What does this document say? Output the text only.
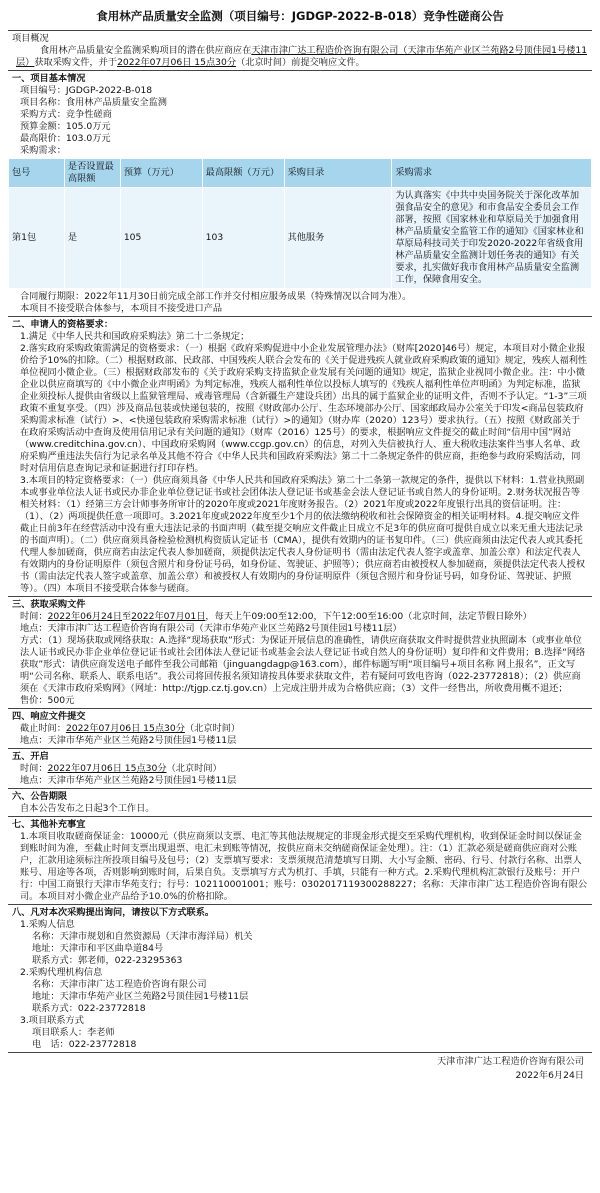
食用林产品质量安全监测（项目编号：JGDGP-2022-B-018）竞争性磋商公告
项目概况
食用林产品质量安全监测采购项目的潜在供应商应在天津市津广达工程造价咨询有限公司（天津市华苑产业区兰苑路2号顶佳园1号楼11层）获取采购文件，并于2022年07月06日 15点30分（北京时间）前提交响应文件。
一、项目基本情况
项目编号：JGDGP-2022-B-018
项目名称：食用林产品质量安全监测
采购方式：竞争性磋商
预算金额：105.0万元
最高限价：103.0万元
采购需求：
包号	是否设置最高限额	预算（万元）	最高限额（万元）	采购目录	采购需求
第1包	是	105	103	其他服务	为认真落实《中共中央国务院关于深化改革加强食品安全的意见》和市食品安全委员会工作部署，按照《国家林业和草原局关于加强食用林产品质量安全监管工作的通知》《国家林业和草原局科技司关于印发2020-2022年省级食用林产品质量安全监测计划任务表的通知》有关要求，扎实做好我市食用林产品质量安全监测工作，保障食用安全。
合同履行期限：2022年11月30日前完成全部工作并交付相应服务成果（特殊情况以合同为准）。
本项目不接受联合体参与，本项目不接受进口产品
二、申请人的资格要求：
1.满足《中华人民共和国政府采购法》第二十二条规定；
2.落实政府采购政策需满足的资格要求：（一）根据《政府采购促进中小企业发展管理办法》（财库[2020]46号）规定，本项目对小微企业报价给予10%的扣除。（二）根据财政部、民政部、中国残疾人联合会发布的《关于促进残疾人就业政府采购政策的通知》规定，残疾人福利性单位视同小微企业。（三）根据财政部发布的《关于政府采购支持监狱企业发展有关问题的通知》规定，监狱企业视同小微企业。注：中小微企业以供应商填写的《中小微企业声明函》为判定标准，残疾人福利性单位以投标人填写的《残疾人福利性单位声明函》为判定标准，监狱企业须投标人提供由省级以上监狱管理局、戒毒管理局（含新疆生产建设兵团）出具的属于监狱企业的证明文件，否则不予认定。“1-3”三项政策不重复享受。（四）涉及商品包装或快递包装的，按照《财政部办公厅、生态环境部办公厅、国家邮政局办公室关于印发<商品包装政府采购需求标准（试行）>、<快递包装政府采购需求标准（试行）>的通知》（财办库（2020）123号）要求执行。（五）按照《财政部关于在政府采购活动中查询及使用信用记录有关问题的通知》（财库（2016）125号）的要求，根据响应文件提交的截止时间“信用中国”网站（www.creditchina.gov.cn）、中国政府采购网（www.ccgp.gov.cn）的信息，对列入失信被执行人、重大税收违法案件当事人名单、政府采购严重违法失信行为记录名单及其他不符合《中华人民共和国政府采购法》第二十二条规定条件的供应商，拒绝参与政府采购活动，同时对信用信息查询记录和证据进行打印存档。
3.本项目的特定资格要求：（一）供应商须具备《中华人民共和国政府采购法》第二十二条第一款规定的条件，提供以下材料：1.营业执照副本或事业单位法人证书或民办非企业单位登记证书或社会团体法人登记证书或基金会法人登记证书或自然人的身份证明。2.财务状况报告等相关材料：（1）经第三方会计师事务所审计的2020年度或2021年度财务报告。（2）2021年度或2022年度银行出具的资信证明。注：（1）、（2）两项提供任意一项即可。3.2021年度或2022年度至少1个月的依法缴纳税收和社会保障资金的相关证明材料。4.提交响应文件截止日前3年在经营活动中没有重大违法记录的书面声明（截至提交响应文件截止日成立不足3年的供应商可提供自成立以来无重大违法记录的书面声明）。（二）供应商须具备检验检测机构资质认定证书（CMA），提供有效期内的证书复印件。（三）供应商须由法定代表人或其委托代理人参加磋商，供应商若由法定代表人参加磋商，须提供法定代表人身份证明书（需由法定代表人签字或盖章、加盖公章）和法定代表人有效期内的身份证明原件（须包含照片和身份证号码，如身份证、驾驶证、护照等）；供应商若由被授权人参加磋商，须提供法定代表人授权书（需由法定代表人签字或盖章、加盖公章）和被授权人有效期内的身份证明原件（须包含照片和身份证号码，如身份证、驾驶证、护照等）。（四）本项目不接受联合体参与磋商。
三、获取采购文件
时间：2022年06月24日至2022年07月01日，每天上午09:00至12:00，下午12:00至16:00（北京时间，法定节假日除外）
地点：天津市津广达工程造价咨询有限公司（天津市华苑产业区兰苑路2号顶佳园1号楼11层）
方式：（1）现场获取或网络获取：A.选择“现场获取”形式：为保证开展信息的准确性，请供应商获取文件时提供营业执照副本（或事业单位法人证书或民办非企业单位登记证书或社会团体法人登记证书或基金会法人登记证书或自然人的身份证明）复印件和文件费用；B.选择“网络获取”形式：请供应商发送电子邮件至我公司邮箱（jinguangdagp@163.com），邮件标题写明“项目编号+项目名称 网上报名”，正文写明“公司名称、联系人、联系电话”。我公司将回传报名须知请按具体要求获取文件，若有疑问可致电咨询（022-23772818）；（2）供应商须在《天津市政府采购网》（网址：http://tjgp.cz.tj.gov.cn）上完成注册并成为合格供应商；（3）文件一经售出，所收费用概不退还；
售价：500元
四、响应文件提交
截止时间：2022年07月06日 15点30分（北京时间）
地点：天津市华苑产业区兰苑路2号顶佳园1号楼11层
五、开启
时间：2022年07月06日 15点30分（北京时间）
地点：天津市华苑产业区兰苑路2号顶佳园1号楼11层
六、公告期限
自本公告发布之日起3个工作日。
七、其他补充事宜
1.本项目收取磋商保证金：10000元（供应商须以支票、电汇等其他法规规定的非现金形式提交至采购代理机构，收到保证金时间以保证金到账时间为准，至截止时间支票出现退票、电汇未到账等情况，按供应商未交纳磋商保证金处理）。注：（1）汇款必须是磋商供应商对公账户，汇款用途须标注所投项目编号及包号；（2）支票填写要求：支票须规范清楚填写日期、大小写金额、密码、行号、付款行名称、出票人账号、用途等各项，否则影响到账时间，后果自负。支票填写方式为机打、手填，只能有一种方式。2.采购代理机构汇款银行及账号：开户行：中国工商银行天津市华苑支行；行号：102110001001；账号：0302017119300288227；名称：天津市津广达工程造价咨询有限公司。本项目对小微企业产品给予10.0%的价格扣除。
八、凡对本次采购提出询问，请按以下方式联系。
1.采购人信息
名称：天津市规划和自然资源局（天津市海洋局）机关
地址：天津市和平区曲阜道84号
联系方式：郭老师，022-23295363
2.采购代理机构信息
名称：天津市津广达工程造价咨询有限公司
地址：天津市华苑产业区兰苑路2号顶佳园1号楼11层
联系方式：022-23772818
3.项目联系方式
项目联系人：李老师
电　话：022-23772818
天津市津广达工程造价咨询有限公司
2022年6月24日
